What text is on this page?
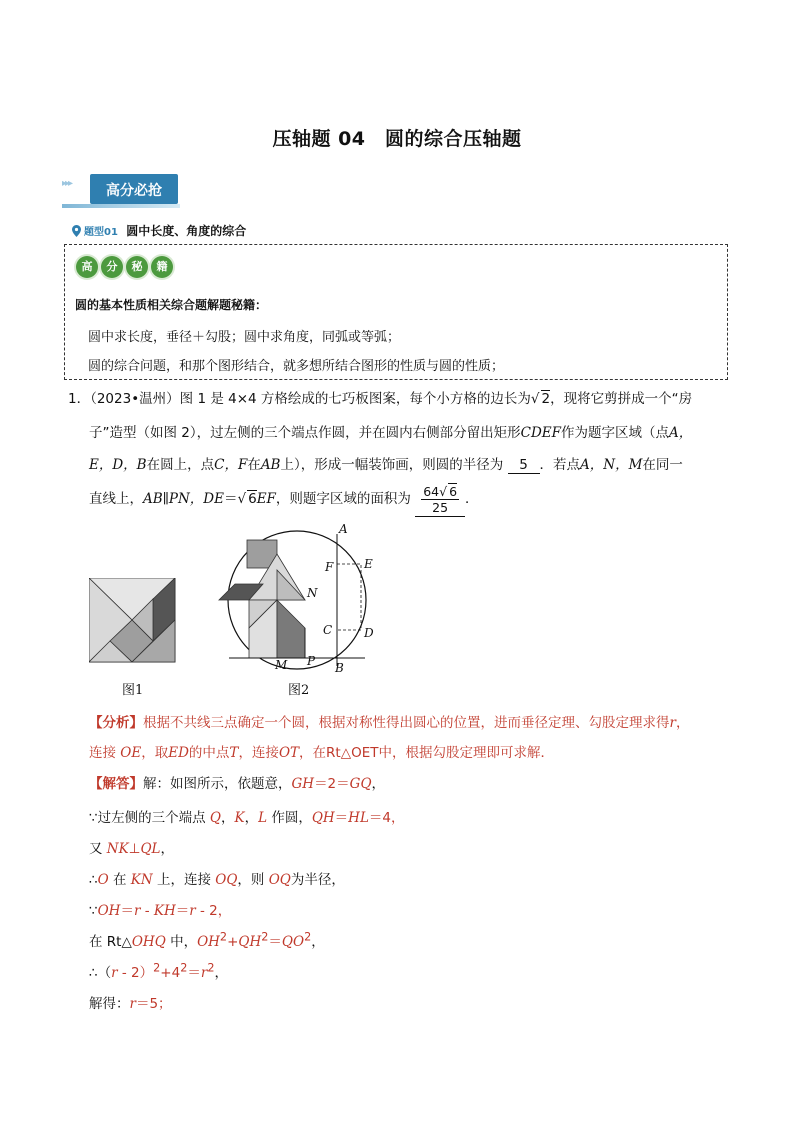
压轴题 04　圆的综合压轴题
▸▸▸	高分必抢
题型01 圆中长度、角度的综合
高 分 秘 籍
圆的基本性质相关综合题解题秘籍：
圆中求长度，垂径＋勾股；圆中求角度，同弧或等弧；
圆的综合问题，和那个图形结合，就多想所结合图形的性质与圆的性质；
1．（2023•温州）图 1 是 4×4 方格绘成的七巧板图案，每个小方格的边长为√ 2，现将它剪拼成一个“房
子”造型（如图 2），过左侧的三个端点作圆，并在圆内右侧部分留出矩形CDEF作为题字区域（点A，
E，D，B在圆上，点C，F在AB上），形成一幅装饰画，则圆的半径为 5 ．若点A，N，M在同一
直线上，AB∥PN，DE＝√ 6EF，则题字区域的面积为 $\frac{64√ 6}{25}$ ．
图1
A
E
F
N
C	D
M P B
图2
【分析】根据不共线三点确定一个圆，根据对称性得出圆心的位置，进而垂径定理、勾股定理求得r，
连接 OE，取ED的中点T，连接OT，在Rt△OET中，根据勾股定理即可求解．
【解答】解：如图所示，依题意，GH＝2＝GQ，
∵过左侧的三个端点 Q，K，L 作圆，QH＝HL＝4，
又 NK⊥QL，
∴O 在 KN 上，连接 OQ，则 OQ为半径，
∵OH＝r - KH＝r - 2，
在 Rt△OHQ 中，$OH^2+QH^2=QO^2$，
∴（r - $2)^2+4^2=r^2$，
解得：r＝5；
